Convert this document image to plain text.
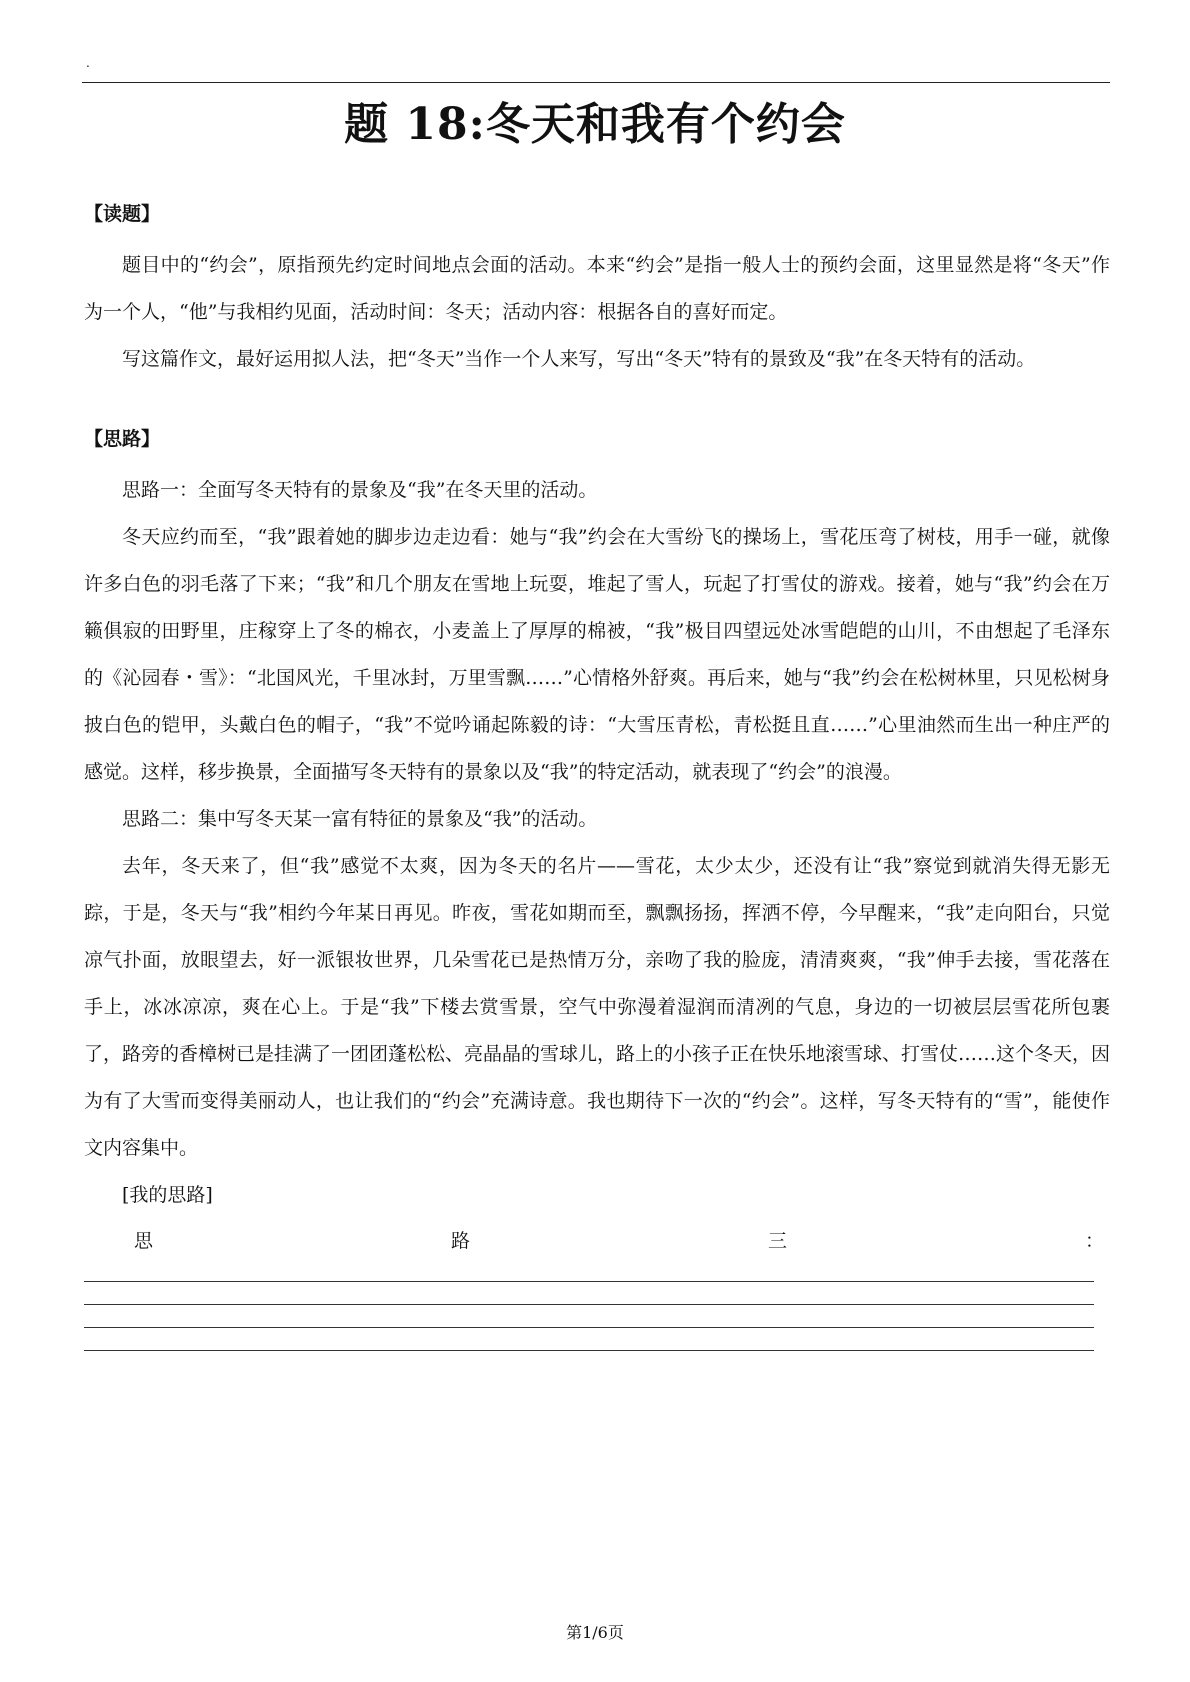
.
题 18:冬天和我有个约会
【读题】

题目中的“约会”，原指预先约定时间地点会面的活动。本来“约会”是指一般人士的预约会面，这里显然是将“冬天”作为一个人，“他”与我相约见面，活动时间：冬天；活动内容：根据各自的喜好而定。

写这篇作文，最好运用拟人法，把“冬天”当作一个人来写，写出“冬天”特有的景致及“我”在冬天特有的活动。

【思路】

思路一：全面写冬天特有的景象及“我”在冬天里的活动。

冬天应约而至，“我”跟着她的脚步边走边看：她与“我”约会在大雪纷飞的操场上，雪花压弯了树枝，用手一碰，就像许多白色的羽毛落了下来；“我”和几个朋友在雪地上玩耍，堆起了雪人，玩起了打雪仗的游戏。接着，她与“我”约会在万籁俱寂的田野里，庄稼穿上了冬的棉衣，小麦盖上了厚厚的棉被，“我”极目四望远处冰雪皑皑的山川，不由想起了毛泽东的《沁园春・雪》：“北国风光，千里冰封，万里雪飘……”心情格外舒爽。再后来，她与“我”约会在松树林里，只见松树身披白色的铠甲，头戴白色的帽子，“我”不觉吟诵起陈毅的诗：“大雪压青松，青松挺且直……”心里油然而生出一种庄严的感觉。这样，移步换景，全面描写冬天特有的景象以及“我”的特定活动，就表现了“约会”的浪漫。

思路二：集中写冬天某一富有特征的景象及“我”的活动。

去年，冬天来了，但“我”感觉不太爽，因为冬天的名片——雪花，太少太少，还没有让“我”察觉到就消失得无影无踪，于是，冬天与“我”相约今年某日再见。昨夜，雪花如期而至，飘飘扬扬，挥洒不停，今早醒来，“我”走向阳台，只觉凉气扑面，放眼望去，好一派银妆世界，几朵雪花已是热情万分，亲吻了我的脸庞，清清爽爽，“我”伸手去接，雪花落在手上，冰冰凉凉，爽在心上。于是“我”下楼去赏雪景，空气中弥漫着湿润而清冽的气息，身边的一切被层层雪花所包裹了，路旁的香樟树已是挂满了一团团蓬松松、亮晶晶的雪球儿，路上的小孩子正在快乐地滚雪球、打雪仗……这个冬天，因为有了大雪而变得美丽动人，也让我们的“约会”充满诗意。我也期待下一次的“约会”。这样，写冬天特有的“雪”，能使作文内容集中。

[我的思路]

思	路	三	：
第1/6页
